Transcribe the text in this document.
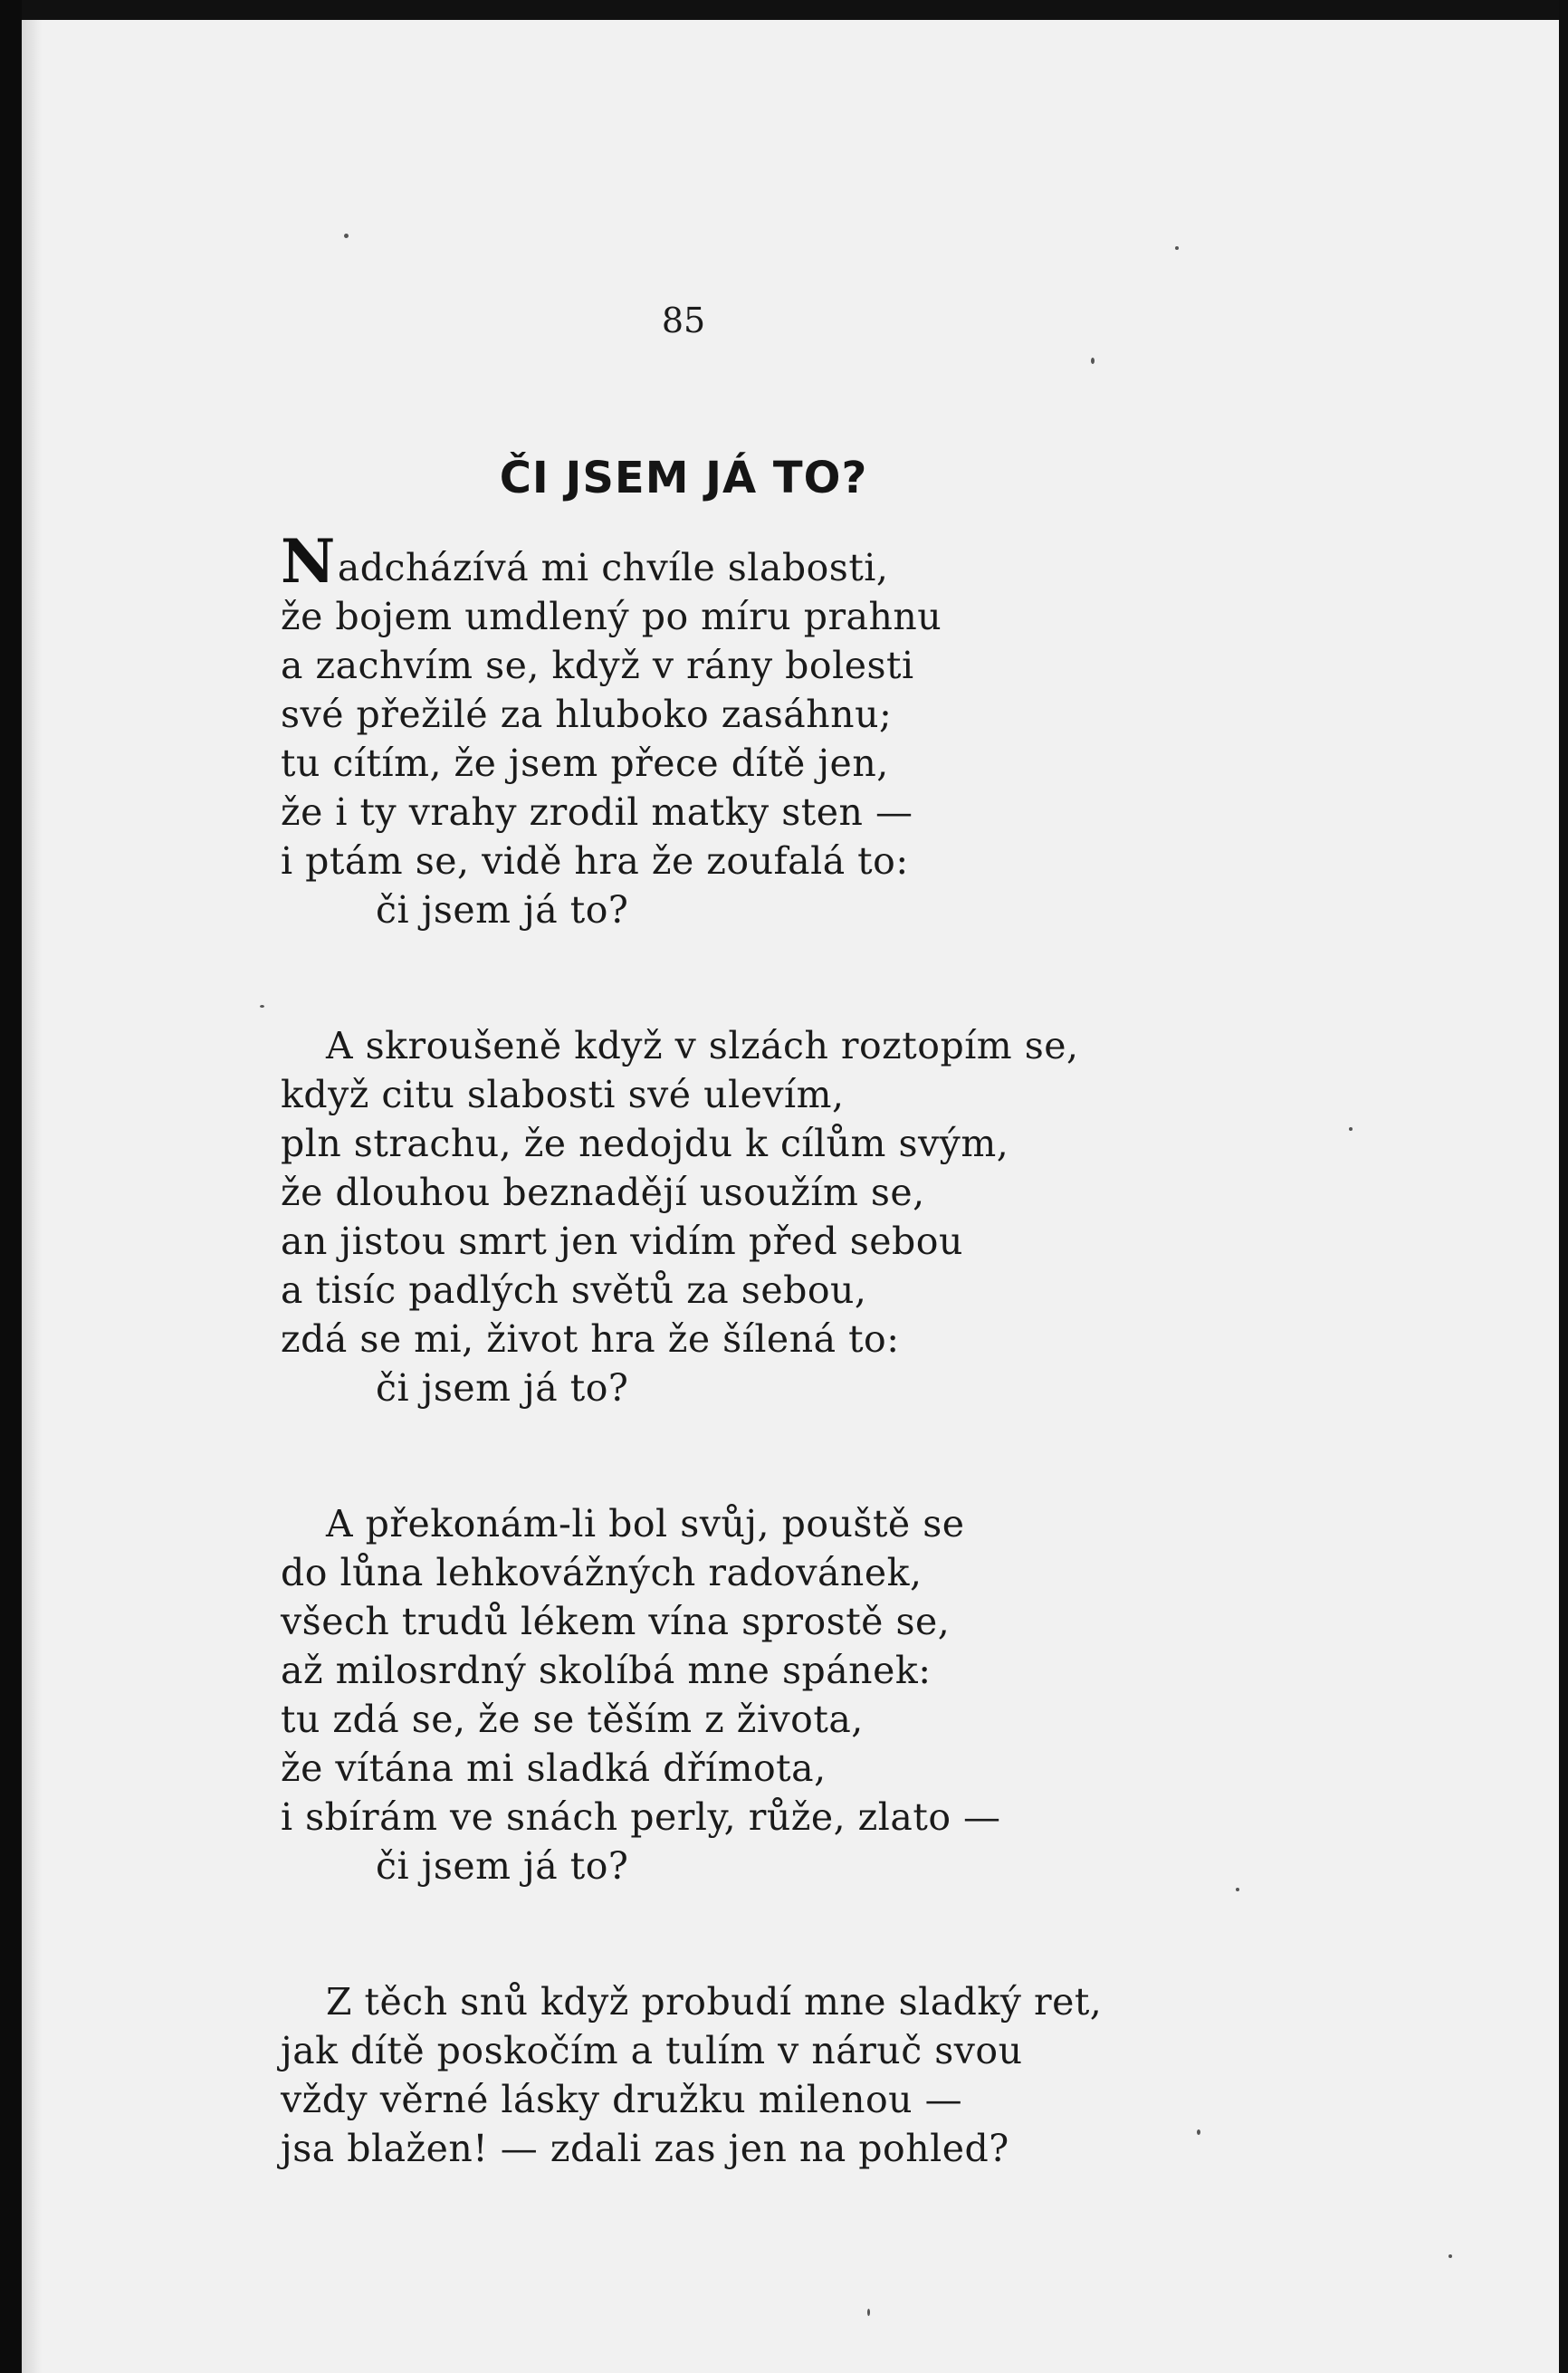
85
ČI JSEM JÁ TO?
Nadcházívá mi chvíle slabosti,
že bojem umdlený po míru prahnu
a zachvím se, když v rány bolesti
své přežilé za hluboko zasáhnu;
tu cítím, že jsem přece dítě jen,
že i ty vrahy zrodil matky sten —
i ptám se, vidě hra že zoufalá to:
či jsem já to?
A skroušeně když v slzách roztopím se,
když citu slabosti své ulevím,
pln strachu, že nedojdu k cílům svým,
že dlouhou beznadějí usoužím se,
an jistou smrt jen vidím před sebou
a tisíc padlých světů za sebou,
zdá se mi, život hra že šílená to:
či jsem já to?
A překonám-li bol svůj, pouště se
do lůna lehkovážných radovánek,
všech trudů lékem vína sprostě se,
až milosrdný skolíbá mne spánek:
tu zdá se, že se těším z života,
že vítána mi sladká dřímota,
i sbírám ve snách perly, růže, zlato —
či jsem já to?
Z těch snů když probudí mne sladký ret,
jak dítě poskočím a tulím v náruč svou
vždy věrné lásky družku milenou —
jsa blažen! — zdali zas jen na pohled?
